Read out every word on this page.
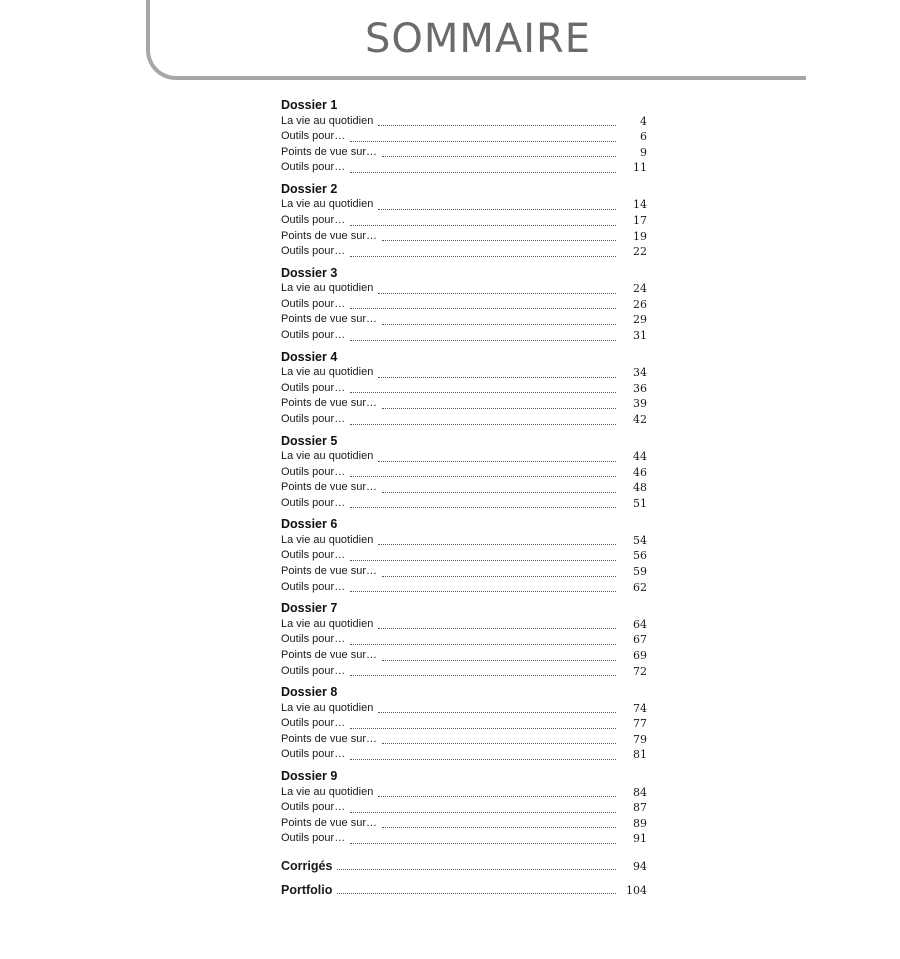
SOMMAIRE
Dossier 1
La vie au quotidien	4
Outils pour…	6
Points de vue sur…	9
Outils pour…	11
Dossier 2
La vie au quotidien	14
Outils pour…	17
Points de vue sur…	19
Outils pour…	22
Dossier 3
La vie au quotidien	24
Outils pour…	26
Points de vue sur…	29
Outils pour…	31
Dossier 4
La vie au quotidien	34
Outils pour…	36
Points de vue sur…	39
Outils pour…	42
Dossier 5
La vie au quotidien	44
Outils pour…	46
Points de vue sur…	48
Outils pour…	51
Dossier 6
La vie au quotidien	54
Outils pour…	56
Points de vue sur…	59
Outils pour…	62
Dossier 7
La vie au quotidien	64
Outils pour…	67
Points de vue sur…	69
Outils pour…	72
Dossier 8
La vie au quotidien	74
Outils pour…	77
Points de vue sur…	79
Outils pour…	81
Dossier 9
La vie au quotidien	84
Outils pour…	87
Points de vue sur…	89
Outils pour…	91
Corrigés	94
Portfolio	104
